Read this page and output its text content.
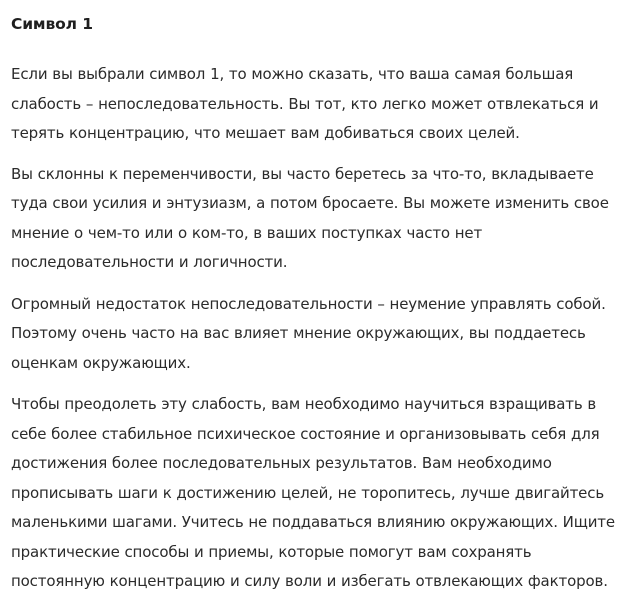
Символ 1

Если вы выбрали символ 1, то можно сказать, что ваша самая большая слабость – непоследовательность. Вы тот, кто легко может отвлекаться и терять концентрацию, что мешает вам добиваться своих целей.

Вы склонны к переменчивости, вы часто беретесь за что-то, вкладываете туда свои усилия и энтузиазм, а потом бросаете. Вы можете изменить свое мнение о чем-то или о ком-то, в ваших поступках часто нет последовательности и логичности.

Огромный недостаток непоследовательности – неумение управлять собой. Поэтому очень часто на вас влияет мнение окружающих, вы поддаетесь оценкам окружающих.

Чтобы преодолеть эту слабость, вам необходимо научиться взращивать в себе более стабильное психическое состояние и организовывать себя для достижения более последовательных результатов. Вам необходимо прописывать шаги к достижению целей, не торопитесь, лучше двигайтесь маленькими шагами. Учитесь не поддаваться влиянию окружающих. Ищите практические способы и приемы, которые помогут вам сохранять постоянную концентрацию и силу воли и избегать отвлекающих факторов.
